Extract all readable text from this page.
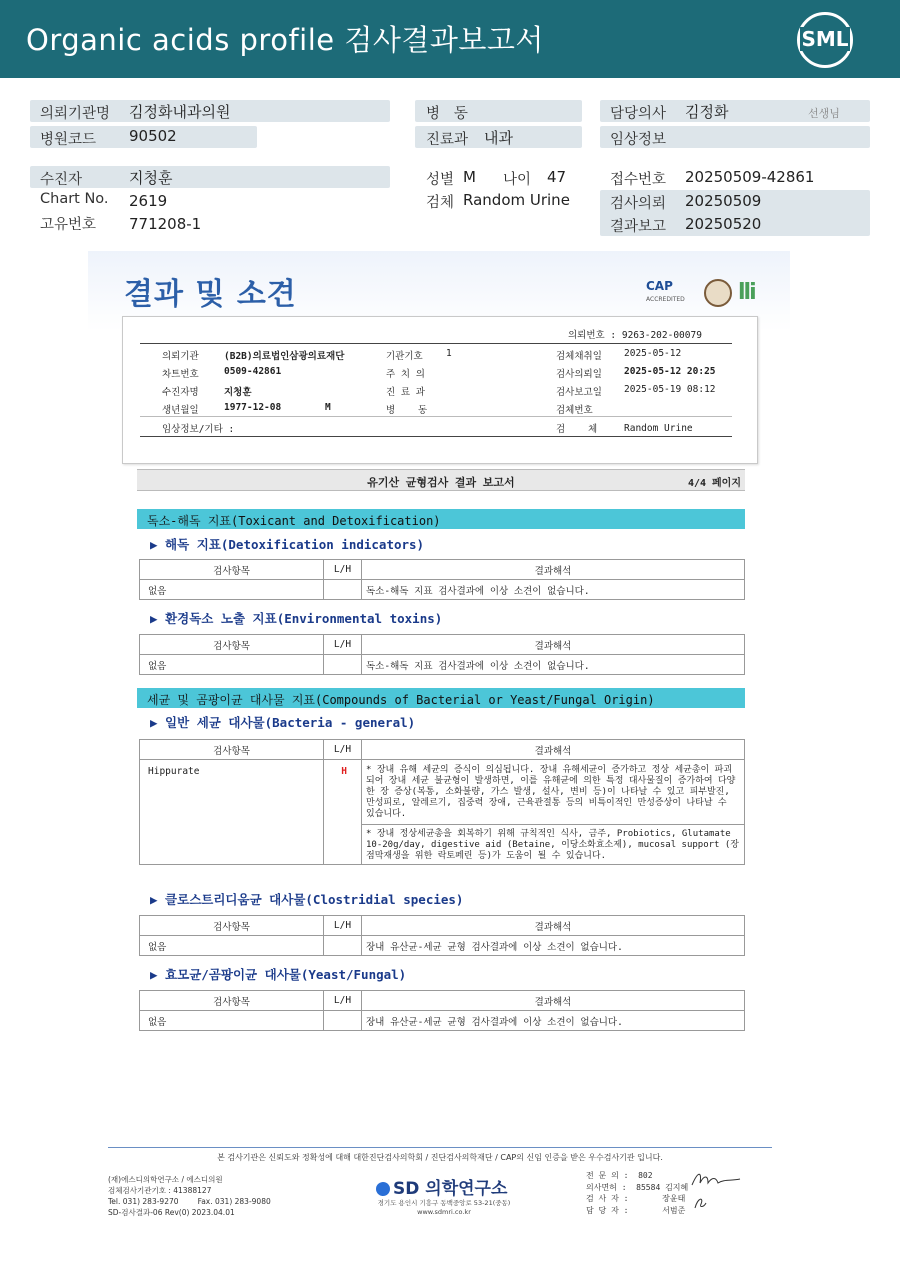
Organic acids profile 검사결과보고서	SML
의뢰기관명 김정화내과의원
병원코드 90502
병   동
진료과 내과
담당의사 김정화	선생님
임상정보
수진자	지청훈
Chart No. 2619
고유번호 771208-1
성별 M 나이 47
검체 Random Urine
접수번호 20250509-42861
검사의뢰 20250509
결과보고 20250520
결과 및 소견	CAP
ACCREDITED lli
의뢰번호 : 9263-202-00079
의뢰기관	(B2B)의료법인삼광의료재단	기관기호 1	검체채취일 2025-05-12
차트번호	0509-42861	주 치 의	검사의뢰일 2025-05-12 20:25
수진자명	지청훈	진 료 과	검사보고일 2025-05-19 08:12
생년월일	1977-12-08	M	병    동	검체번호
임상정보/기타 :	검    체	Random Urine
유기산 균형검사 결과 보고서	4/4 페이지
독소-해독 지표(Toxicant and Detoxification)
▶ 해독 지표(Detoxification indicators)
검사항목	L/H	결과해석
없음		독소-해독 지표 검사결과에 이상 소견이 없습니다.
▶ 환경독소 노출 지표(Environmental toxins)
검사항목	L/H	결과해석
없음		독소-해독 지표 검사결과에 이상 소견이 없습니다.
세균 및 곰팡이균 대사물 지표(Compounds of Bacterial or Yeast/Fungal Origin)
▶ 일반 세균 대사물(Bacteria - general)
검사항목	L/H	결과해석
Hippurate	H	* 장내 유해 세균의 증식이 의심됩니다. 장내 유해세균이 증가하고 정상 세균총이 파괴되어 장내 세균 불균형이 발생하면, 이를 유해균에 의한 특정 대사물질이 증가하여 다양한 장 증상(복통, 소화불량, 가스 발생, 설사, 변비 등)이 나타날 수 있고 피부발진, 만성피로, 알레르기, 집중력 장애, 근육관절통 등의 비특이적인 만성증상이 나타날 수 있습니다.
* 장내 정상세균총을 회복하기 위해 규칙적인 식사, 금주, Probiotics, Glutamate 10-20g/day, digestive aid (Betaine, 이당소화효소제), mucosal support (장점막재생을 위한 락토페린 등)가 도움이 될 수 있습니다.
▶ 클로스트리디움균 대사물(Clostridial species)
검사항목	L/H	결과해석
없음		장내 유산균-세균 균형 검사결과에 이상 소견이 없습니다.
▶ 효모균/곰팡이균 대사물(Yeast/Fungal)
검사항목	L/H	결과해석
없음		장내 유산균-세균 균형 검사결과에 이상 소견이 없습니다.
본 검사기관은 신뢰도와 정확성에 대해 대한진단검사의학회 / 진단검사의학재단 / CAP의 신임 인증을 받은 우수검사기관 입니다.
(재)에스디의학연구소 / 에스디의원
검체검사기관기호 : 41388127
Tel. 031) 283-9270        Fax. 031) 283-9080
SD-검사결과-06 Rev(0) 2023.04.01
SD 의학연구소
경기도 용인시 기흥구 동백중앙로 53-21(중동)
www.sdmri.co.kr
전 문 의 :  802
의사면허 :  85584 김지혜
검 사 자 :       장윤태
담 당 자 :       서범준
